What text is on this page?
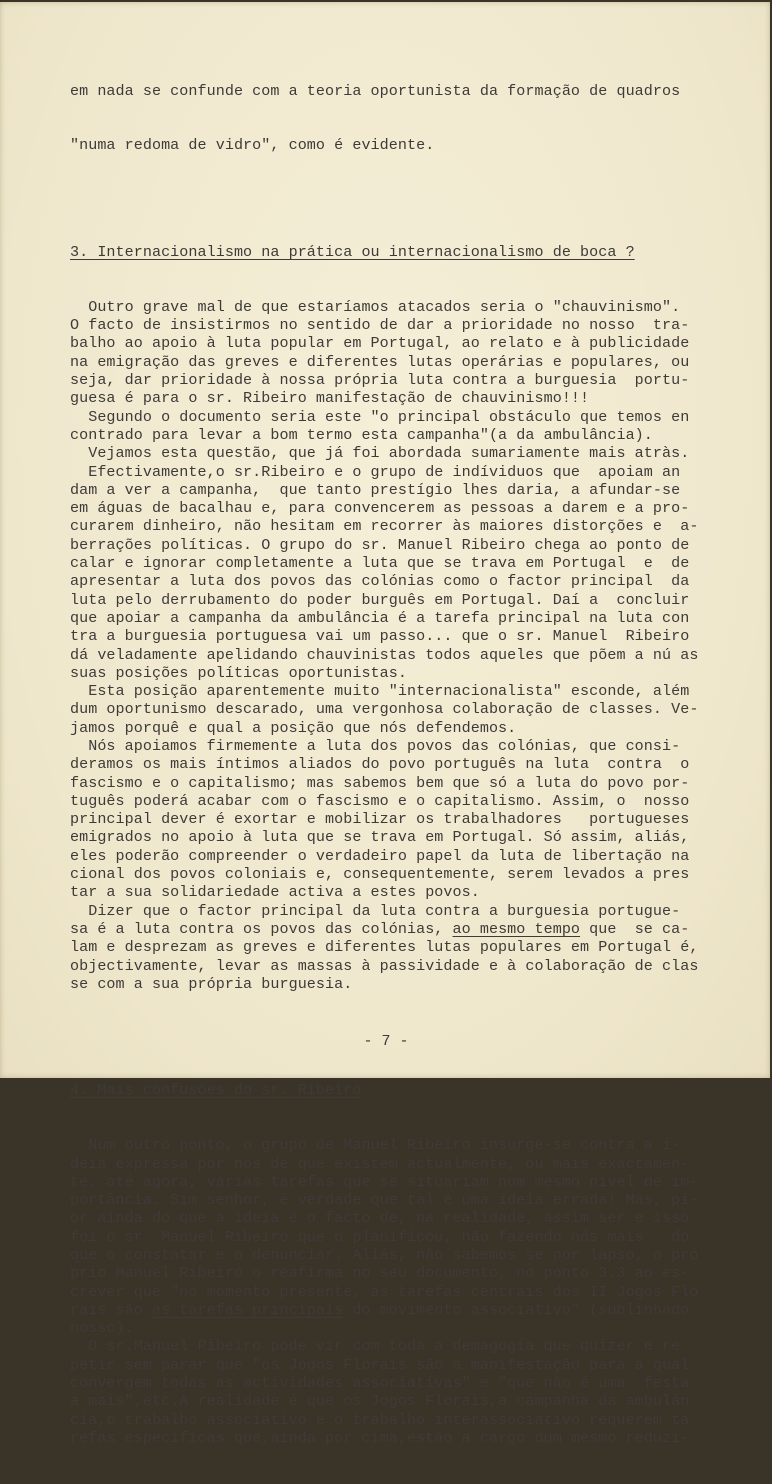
em nada se confunde com a teoria oportunista da formação de quadros

"numa redoma de vidro", como é evidente.

3. Internacionalismo na prática ou internacionalismo de boca ?

Outro grave mal de que estaríamos atacados seria o "chauvinismo".
O facto de insistirmos no sentido de dar a prioridade no nosso  tra-
balho ao apoio à luta popular em Portugal, ao relato e à publicidade
na emigração das greves e diferentes lutas operárias e populares, ou
seja, dar prioridade à nossa própria luta contra a burguesia  portu-
guesa é para o sr. Ribeiro manifestação de chauvinismo!!!
Segundo o documento seria este "o principal obstáculo que temos en
contrado para levar a bom termo esta campanha"(a da ambulância).
Vejamos esta questão, que já foi abordada sumariamente mais atràs.
Efectivamente,o sr.Ribeiro e o grupo de indíviduos que  apoiam an
dam a ver a campanha,  que tanto prestígio lhes daria, a afundar-se
em águas de bacalhau e, para convencerem as pessoas a darem e a pro-
curarem dinheiro, não hesitam em recorrer às maiores distorções e  a-
berrações políticas. O grupo do sr. Manuel Ribeiro chega ao ponto de
calar e ignorar completamente a luta que se trava em Portugal  e  de
apresentar a luta dos povos das colónias como o factor principal  da
luta pelo derrubamento do poder burguês em Portugal. Daí a  concluir
que apoiar a campanha da ambulância é a tarefa principal na luta con
tra a burguesia portuguesa vai um passo... que o sr. Manuel  Ribeiro
dá veladamente apelidando chauvinistas todos aqueles que põem a nú as
suas posições políticas oportunistas.
Esta posição aparentemente muito "internacionalista" esconde, além
dum oportunismo descarado, uma vergonhosa colaboração de classes. Ve-
jamos porquê e qual a posição que nós defendemos.
Nós apoiamos firmemente a luta dos povos das colónias, que consi-
deramos os mais íntimos aliados do povo português na luta  contra  o
fascismo e o capitalismo; mas sabemos bem que só a luta do povo por-
tuguês poderá acabar com o fascismo e o capitalismo. Assim, o  nosso
principal dever é exortar e mobilizar os trabalhadores   portugueses
emigrados no apoio à luta que se trava em Portugal. Só assim, aliás,
eles poderão compreender o verdadeiro papel da luta de libertação na
cional dos povos coloniais e, consequentemente, serem levados a pres
tar a sua solidariedade activa a estes povos.
Dizer que o factor principal da luta contra a burguesia portugue-
sa é a luta contra os povos das colónias, ao mesmo tempo que  se ca-
lam e desprezam as greves e diferentes lutas populares em Portugal é,
objectivamente, levar as massas à passividade e à colaboração de clas
se com a sua própria burguesia.

4. Mais confusões do sr. Ribeiro

Num outro ponto, o grupo de Manuel Ribeiro insurge-se contra a i-
deia expressa por nós de que existem actualmente, ou mais exactamen-
te, até agora, várias tarefas que se situariam num mesmo nível de im-
portância. Sim senhor, é verdade que tal é uma ideia errada! Mas, pi-
or ainda do que a ideia é o facto de, na realidade, assim ser e isso
foi o sr. Manuel Ribeiro que o planificou, não fazendo nós mais   do
que o constatar e o denunciar. Aliás, não sabemos se por lapso, o pró
prio Manuel Ribeiro o reafirma no seu documento, no ponto 3.3 ao es-
crever que "no momento presente, as tarefas centrais dos II Jogos Flo
rais são as tarefas principais do movimento associativo" (sublinhado
nosso).
O sr.Manuel Ribeiro pode vir com toda a demagogia que quizer e re
petir sem parar que "os Jogos Florais são a manifestação para a qual
convergem todas as actividades associativas" e "que não é uma  festa
a mais",etc.A realidade é que os Jogos Florais,a campanha da ambulân
cia,o trabalho associativo e o trabalho interassociativo requerem ta
refas específicas que,ainda por cima,estão a cargo dum mesmo reduzi-

- 7 -
